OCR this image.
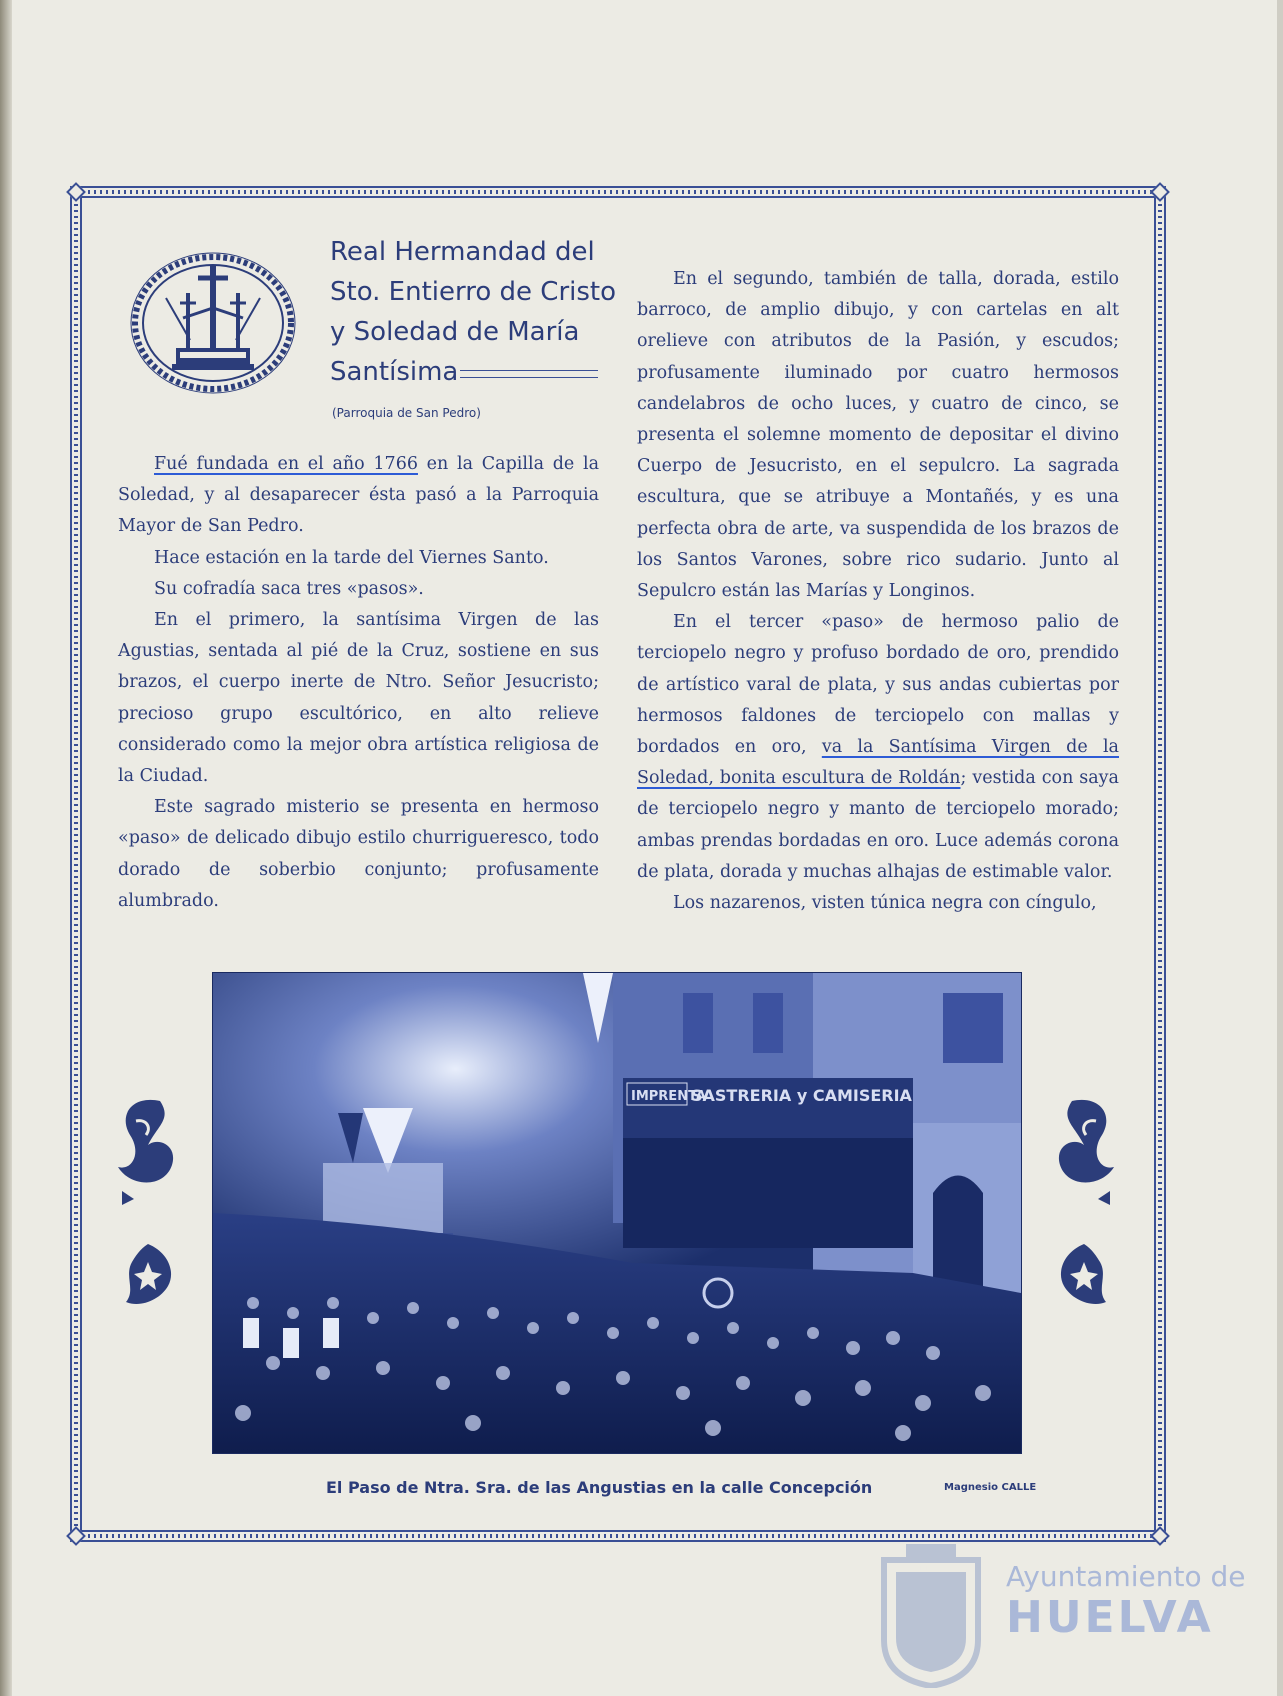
Real Hermandad del
Sto. Entierro de Cristo
y Soledad de María
Santísima
(Parroquia de San Pedro)

Fué fundada en el año 1766 en la Capilla de la Soledad, y al desaparecer ésta pasó a la Parroquia Mayor de San Pedro.

Hace estación en la tarde del Viernes Santo.

Su cofradía saca tres «pasos».

En el primero, la santísima Virgen de las Agustias, sentada al pié de la Cruz, sostiene en sus brazos, el cuerpo inerte de Ntro. Señor Jesucristo; precioso grupo escultórico, en alto relieve considerado como la mejor obra artística religiosa de la Ciudad.

Este sagrado misterio se presenta en hermoso «paso» de delicado dibujo estilo churrigueresco, todo dorado de soberbio conjunto; profusamente alumbrado.

En el segundo, también de talla, dorada, estilo barroco, de amplio dibujo, y con cartelas en alt orelieve con atributos de la Pasión, y escudos; profusamente iluminado por cuatro hermosos candelabros de ocho luces, y cuatro de cinco, se presenta el solemne momento de depositar el divino Cuerpo de Jesucristo, en el sepulcro. La sagrada escultura, que se atribuye a Montañés, y es una perfecta obra de arte, va suspendida de los brazos de los Santos Varones, sobre rico sudario. Junto al Sepulcro están las Marías y Longinos.

En el tercer «paso» de hermoso palio de terciopelo negro y profuso bordado de oro, prendido de artístico varal de plata, y sus andas cubiertas por hermosos faldones de terciopelo con mallas y bordados en oro, va la Santísima Virgen de la Soledad, bonita escultura de Roldán; vestida con saya de terciopelo negro y manto de terciopelo morado; ambas prendas bordadas en oro. Luce además corona de plata, dorada y muchas alhajas de estimable valor.

Los nazarenos, visten túnica negra con cíngulo,

IMPRENTA
SASTRERIA y CAMISERIA
El Paso de Ntra. Sra. de las Angustias en la calle Concepción	Magnesio CALLE
ET TERRA Ayuntamiento de
HUELVA
